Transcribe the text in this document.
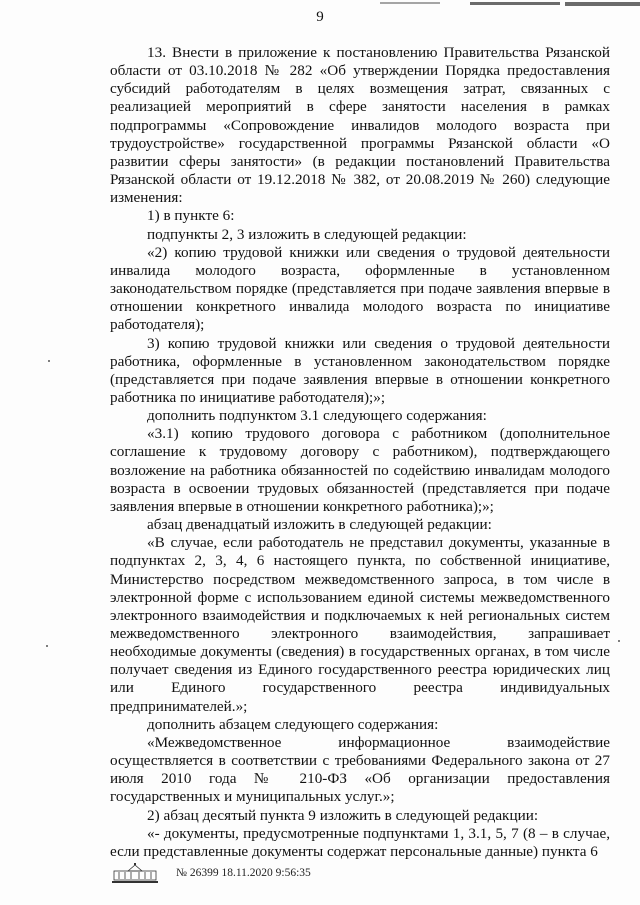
9

13. Внести в приложение к постановлению Правительства Рязанской области от 03.10.2018 № 282 «Об утверждении Порядка предоставления субсидий работодателям в целях возмещения затрат, связанных с реализацией мероприятий в сфере занятости населения в рамках подпрограммы «Сопровождение инвалидов молодого возраста при трудоустройстве» государственной программы Рязанской области «О развитии сферы занятости» (в редакции постановлений Правительства Рязанской области от 19.12.2018 № 382, от 20.08.2019 № 260) следующие изменения:

1) в пункте 6:

подпункты 2, 3 изложить в следующей редакции:

«2) копию трудовой книжки или сведения о трудовой деятельности инвалида молодого возраста, оформленные в установленном законодательством порядке (представляется при подаче заявления впервые в отношении конкретного инвалида молодого возраста по инициативе работодателя);

3) копию трудовой книжки или сведения о трудовой деятельности работника, оформленные в установленном законодательством порядке (представляется при подаче заявления впервые в отношении конкретного работника по инициативе работодателя);»;

дополнить подпунктом 3.1 следующего содержания:

«3.1) копию трудового договора с работником (дополнительное соглашение к трудовому договору с работником), подтверждающего возложение на работника обязанностей по содействию инвалидам молодого возраста в освоении трудовых обязанностей (представляется при подаче заявления впервые в отношении конкретного работника);»;

абзац двенадцатый изложить в следующей редакции:

«В случае, если работодатель не представил документы, указанные в подпунктах 2, 3, 4, 6 настоящего пункта, по собственной инициативе, Министерство посредством межведомственного запроса, в том числе в электронной форме с использованием единой системы межведомственного электронного взаимодействия и подключаемых к ней региональных систем межведомственного электронного взаимодействия, запрашивает необходимые документы (сведения) в государственных органах, в том числе получает сведения из Единого государственного реестра юридических лиц или Единого государственного реестра индивидуальных предпринимателей.»;

дополнить абзацем следующего содержания:

«Межведомственное информационное взаимодействие осуществляется в соответствии с требованиями Федерального закона от 27 июля 2010 года № 210-ФЗ «Об организации предоставления государственных и муниципальных услуг.»;

2) абзац десятый пункта 9 изложить в следующей редакции:

«- документы, предусмотренные подпунктами 1, 3.1, 5, 7 (8 – в случае, если представленные документы содержат персональные данные) пункта 6

№ 26399 18.11.2020 9:56:35
